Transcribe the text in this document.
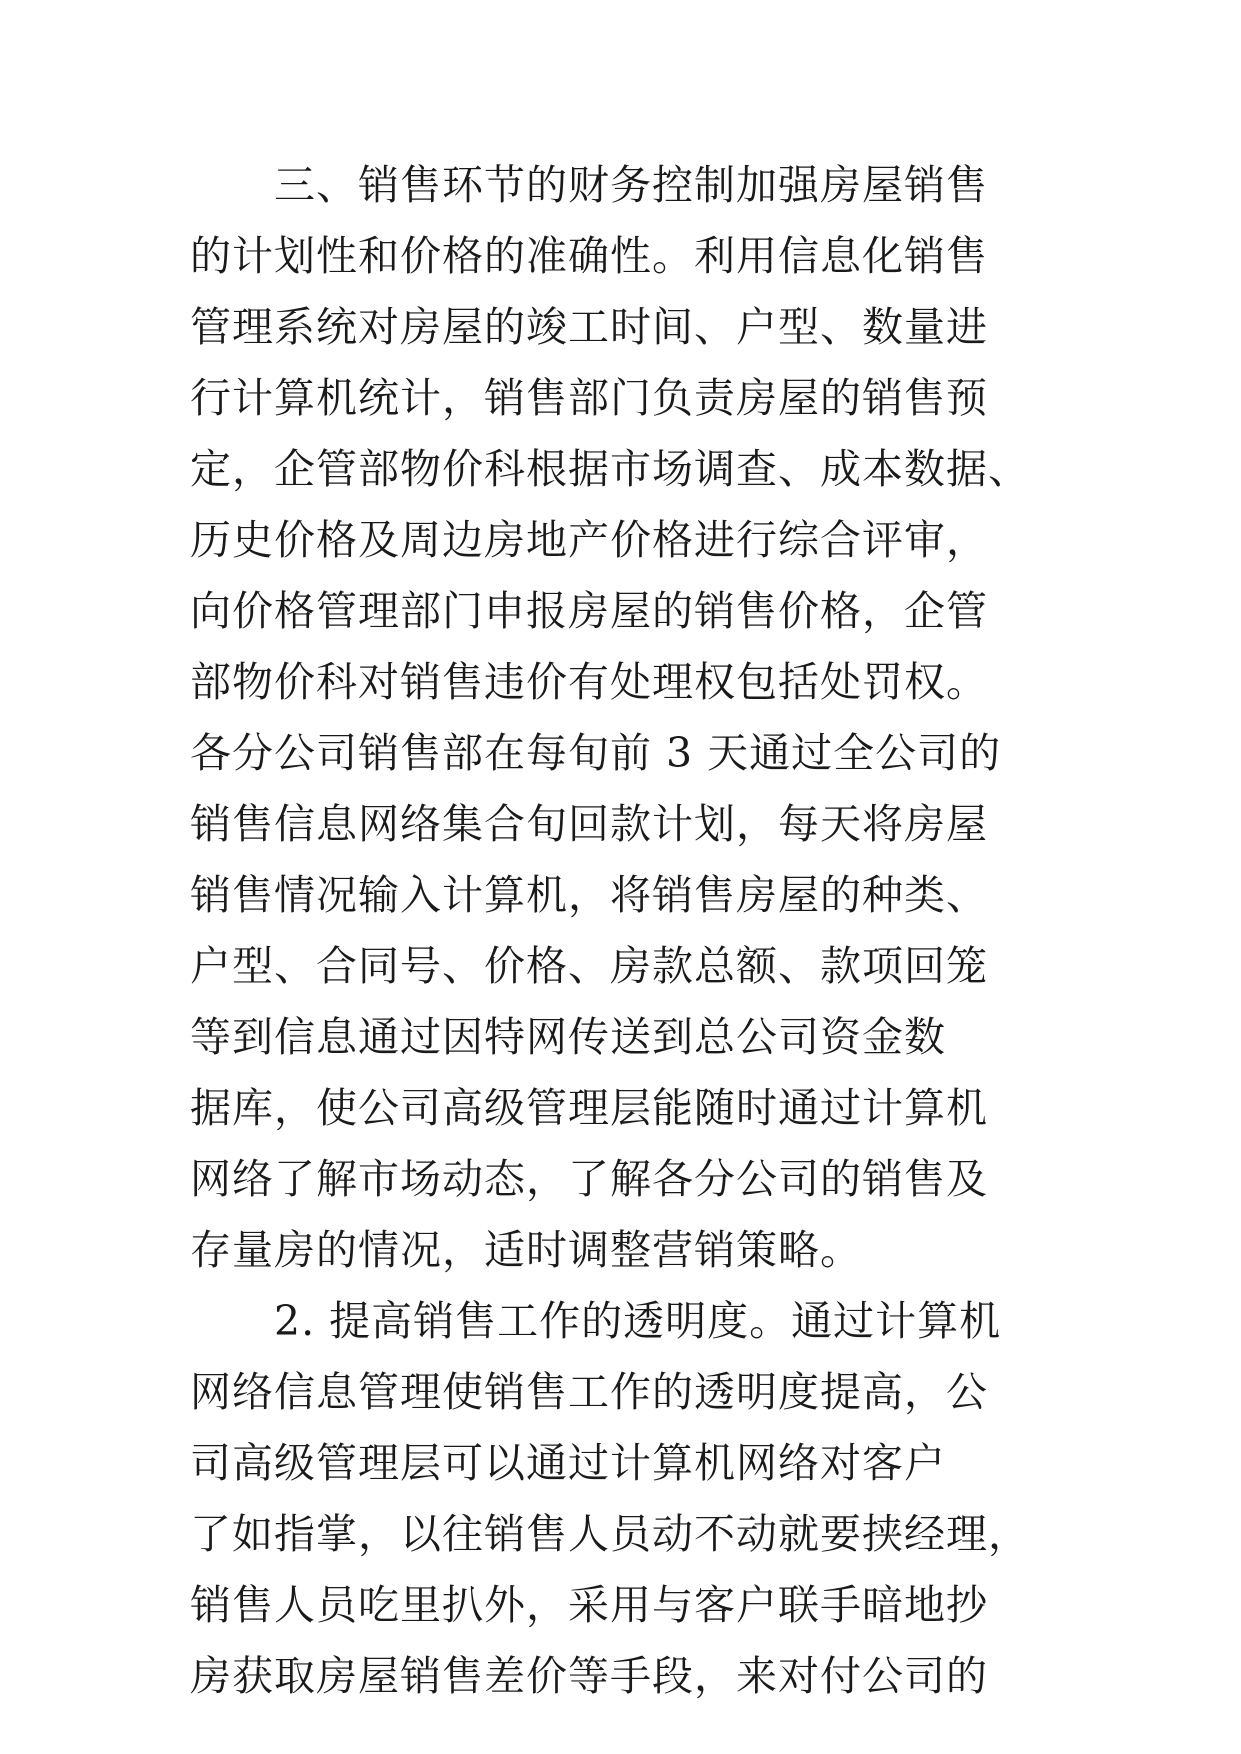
三、销售环节的财务控制加强房屋销售
的计划性和价格的准确性。利用信息化销售
管理系统对房屋的竣工时间、户型、数量进
行计算机统计，销售部门负责房屋的销售预
定，企管部物价科根据市场调查、成本数据、
历史价格及周边房地产价格进行综合评审，
向价格管理部门申报房屋的销售价格，企管
部物价科对销售违价有处理权包括处罚权。
各分公司销售部在每旬前 3 天通过全公司的
销售信息网络集合旬回款计划，每天将房屋
销售情况输入计算机，将销售房屋的种类、
户型、合同号、价格、房款总额、款项回笼
等到信息通过因特网传送到总公司资金数
据库，使公司高级管理层能随时通过计算机
网络了解市场动态，了解各分公司的销售及
存量房的情况，适时调整营销策略。
2. 提高销售工作的透明度。通过计算机
网络信息管理使销售工作的透明度提高，公
司高级管理层可以通过计算机网络对客户
了如指掌，以往销售人员动不动就要挟经理，
销售人员吃里扒外，采用与客户联手暗地抄
房获取房屋销售差价等手段，来对付公司的
